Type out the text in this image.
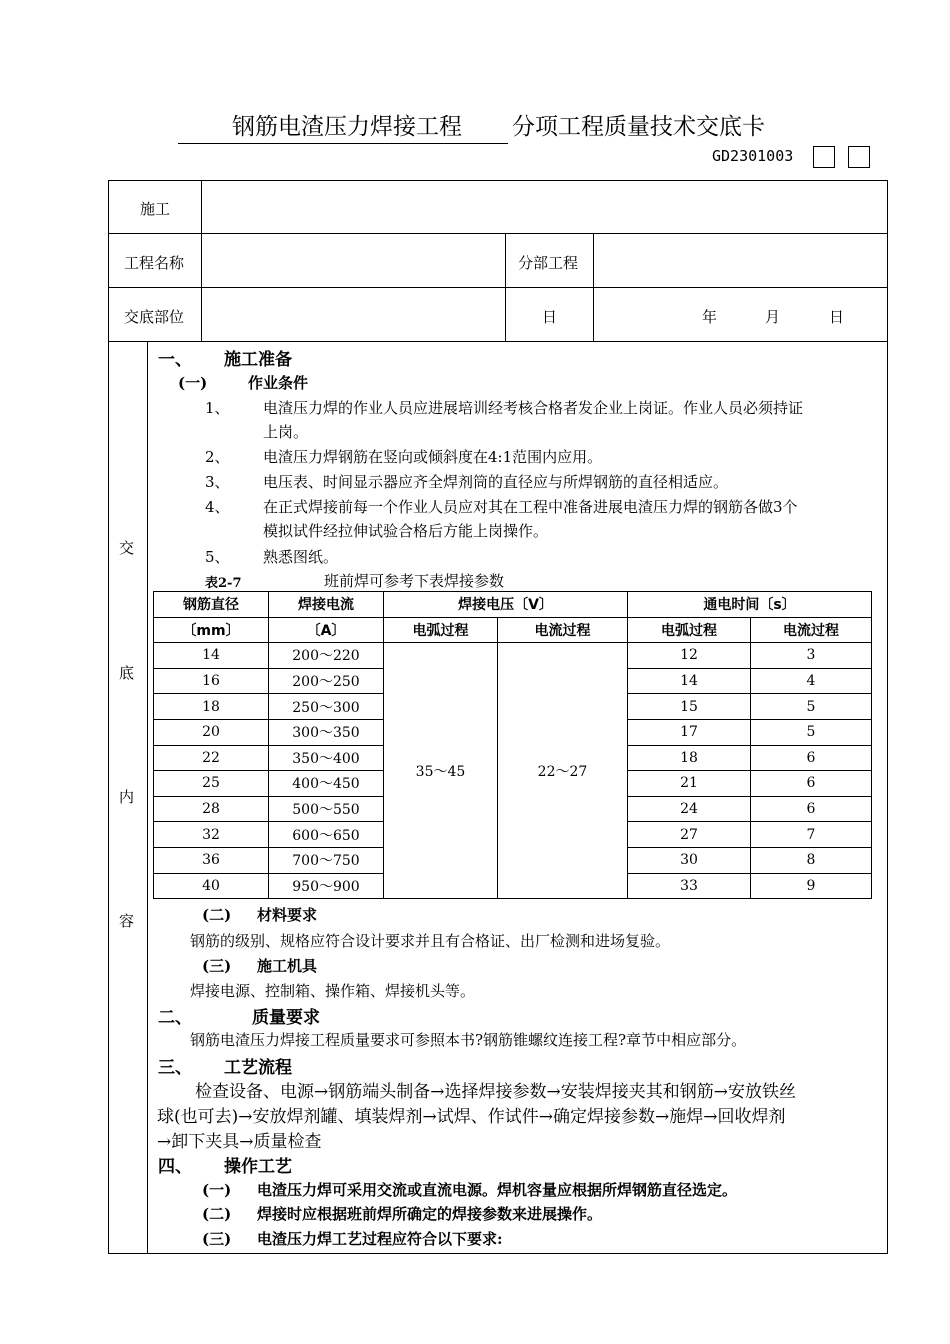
钢筋电渣压力焊接工程 分项工程质量技术交底卡
GD2301003
施工
工程名称	分部工程
交底部位	日	年	月	日
交
底
内
容
一、 施工准备
(一)	作业条件
1、 电渣压力焊的作业人员应进展培训经考核合格者发企业上岗证。作业人员必须持证
上岗。
2、 电渣压力焊钢筋在竖向或倾斜度在4:1范围内应用。
3、 电压表、时间显示器应齐全焊剂筒的直径应与所焊钢筋的直径相适应。
4、 在正式焊接前每一个作业人员应对其在工程中准备进展电渣压力焊的钢筋各做3个
模拟试件经拉伸试验合格后方能上岗操作。
5、 熟悉图纸。
表2-7	班前焊可参考下表焊接参数
钢筋直径	焊接电流	焊接电压〔V〕		通电时间〔s〕	
〔mm〕	〔A〕	电弧过程	电流过程	电弧过程	电流过程
14	200～220	35～45	22～27	12	3
16	200～250			14	4
18	250～300			15	5
20	300～350			17	5
22	350～400			18	6
25	400～450			21	6
28	500～550			24	6
32	600～650			27	7
36	700～750			30	8
40	950～900			33	9
(二) 材料要求
钢筋的级别、规格应符合设计要求并且有合格证、出厂检测和进场复验。
(三) 施工机具
焊接电源、控制箱、操作箱、焊接机头等。
二、	质量要求
钢筋电渣压力焊接工程质量要求可参照本书?钢筋锥螺纹连接工程?章节中相应部分。
三、 工艺流程
检查设备、电源→钢筋端头制备→选择焊接参数→安装焊接夹其和钢筋→安放铁丝
球(也可去)→安放焊剂罐、填装焊剂→试焊、作试件→确定焊接参数→施焊→回收焊剂
→卸下夹具→质量检查
四、 操作工艺
(一) 电渣压力焊可采用交流或直流电源。焊机容量应根据所焊钢筋直径选定。
(二) 焊接时应根据班前焊所确定的焊接参数来进展操作。
(三) 电渣压力焊工艺过程应符合以下要求:
